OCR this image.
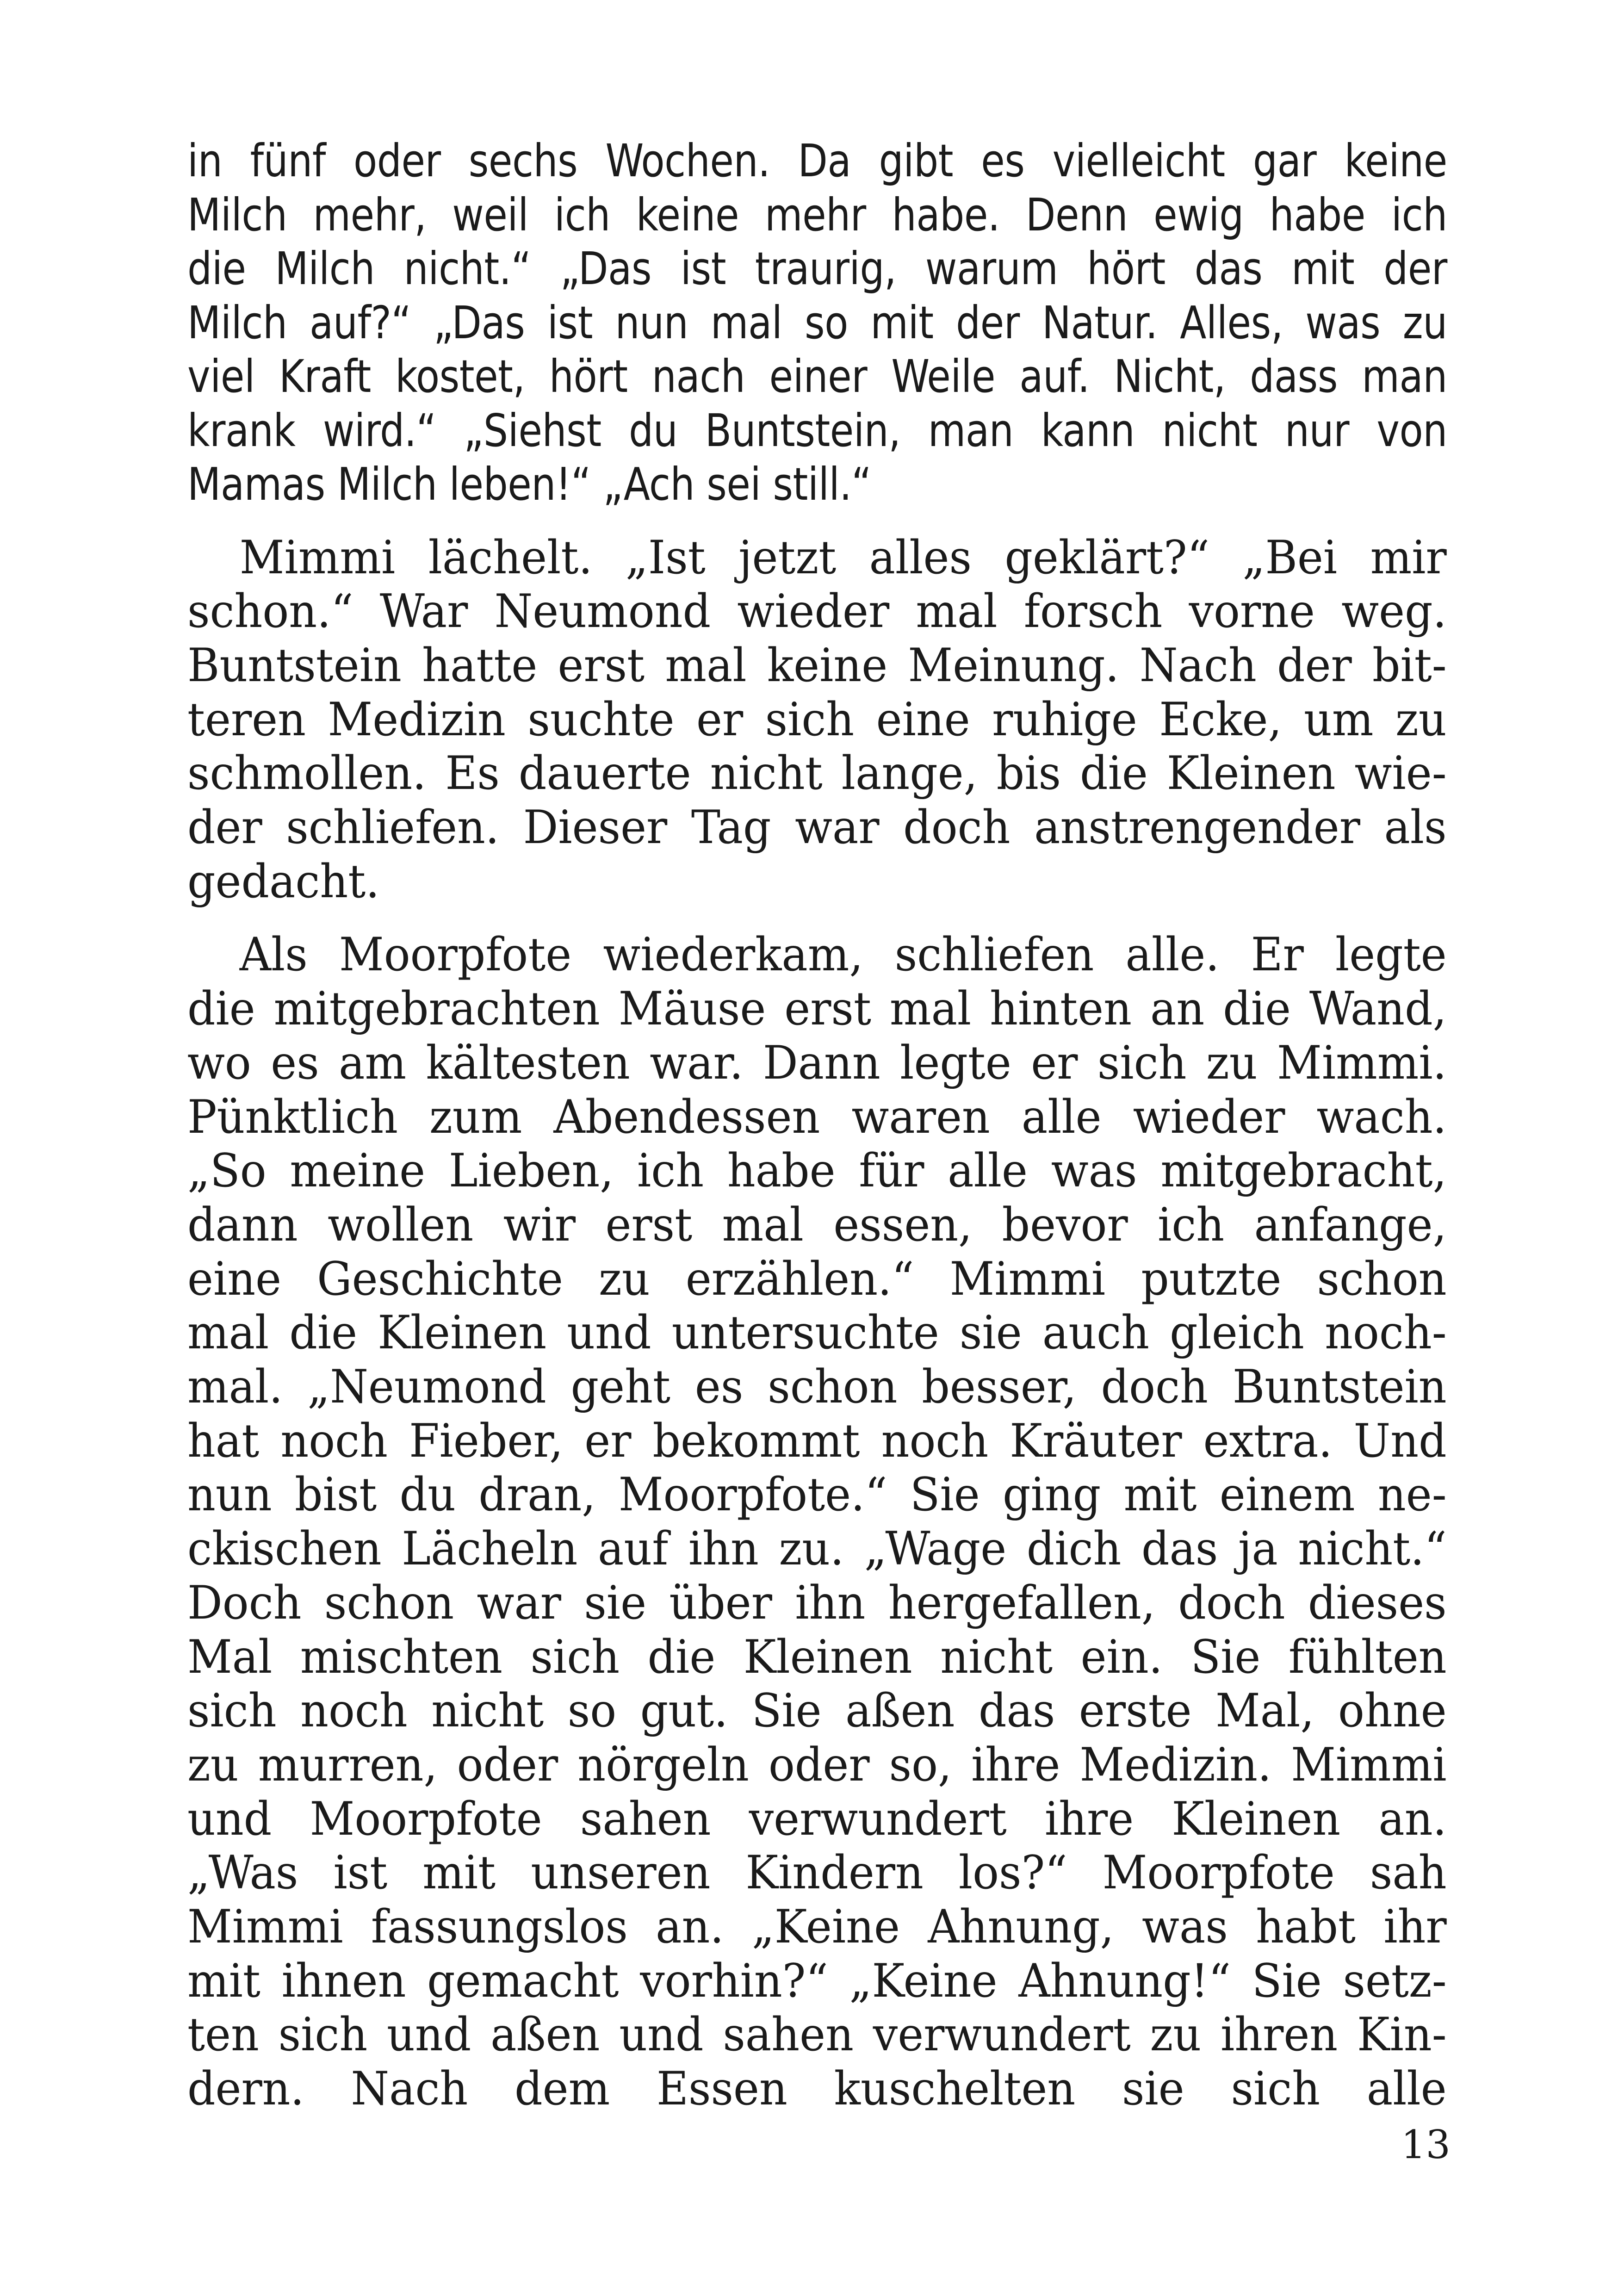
in fünf oder sechs Wochen. Da gibt es vielleicht gar keine

Milch mehr, weil ich keine mehr habe. Denn ewig habe ich

die Milch nicht.“ „Das ist traurig, warum hört das mit der

Milch auf?“ „Das ist nun mal so mit der Natur. Alles, was zu

viel Kraft kostet, hört nach einer Weile auf. Nicht, dass man

krank wird.“ „Siehst du Buntstein, man kann nicht nur von

Mamas Milch leben!“ „Ach sei still.“

Mimmi lächelt. „Ist jetzt alles geklärt?“ „Bei mir

schon.“ War Neumond wieder mal forsch vorne weg.

Buntstein hatte erst mal keine Meinung. Nach der bit-

teren Medizin suchte er sich eine ruhige Ecke, um zu

schmollen. Es dauerte nicht lange, bis die Kleinen wie-

der schliefen. Dieser Tag war doch anstrengender als

gedacht.

Als Moorpfote wiederkam, schliefen alle. Er legte

die mitgebrachten Mäuse erst mal hinten an die Wand,

wo es am kältesten war. Dann legte er sich zu Mimmi.

Pünktlich zum Abendessen waren alle wieder wach.

„So meine Lieben, ich habe für alle was mitgebracht,

dann wollen wir erst mal essen, bevor ich anfange,

eine Geschichte zu erzählen.“ Mimmi putzte schon

mal die Kleinen und untersuchte sie auch gleich noch-

mal. „Neumond geht es schon besser, doch Buntstein

hat noch Fieber, er bekommt noch Kräuter extra. Und

nun bist du dran, Moorpfote.“ Sie ging mit einem ne-

ckischen Lächeln auf ihn zu. „Wage dich das ja nicht.“

Doch schon war sie über ihn hergefallen, doch dieses

Mal mischten sich die Kleinen nicht ein. Sie fühlten

sich noch nicht so gut. Sie aßen das erste Mal, ohne

zu murren, oder nörgeln oder so, ihre Medizin. Mimmi

und Moorpfote sahen verwundert ihre Kleinen an.

„Was ist mit unseren Kindern los?“ Moorpfote sah

Mimmi fassungslos an. „Keine Ahnung, was habt ihr

mit ihnen gemacht vorhin?“ „Keine Ahnung!“ Sie setz-

ten sich und aßen und sahen verwundert zu ihren Kin-

dern. Nach dem Essen kuschelten sie sich alle

13
